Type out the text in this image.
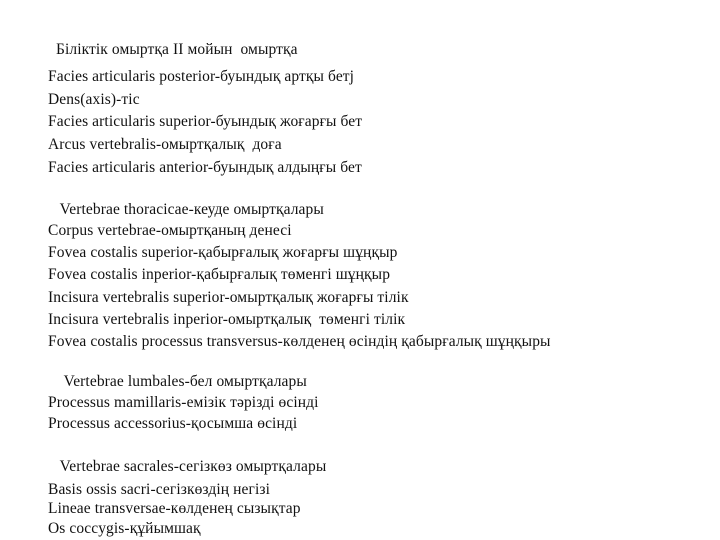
Біліктік омыртқа ІІ мойын  омыртқа
Facies articularis posterior-буындық артқы бетј
Dens(axis)-тіс
Facies articularis superior-буындық жоғарғы бет
Arcus vertebralis-омыртқалық  доға
Facies articularis anterior-буындық алдыңғы бет
Vertebrae thoracicae-кеуде омыртқалары
Corpus vertebrae-омыртқаның денесі
Fovea costalis superior-қабырғалық жоғарғы шұңқыр
Fovea costalis inperior-қабырғалық төменгі шұңқыр
Incisura vertebralis superior-омыртқалық жоғарғы тілік
Incisura vertebralis inperior-омыртқалық  төменгі тілік
Fovea costalis processus transversus-көлденең өсіндің қабырғалық шұңқыры
Vertebrae lumbales-бел омыртқалары
Processus mamillaris-емізік тәрізді өсінді
Processus accessorius-қосымша өсінді
Vertebrae sacrales-сегізкөз омыртқалары
Basis ossis sacri-сегізкөздің негізі
Lineae transversae-көлденең сызықтар
Os coccygis-құйымшақ
